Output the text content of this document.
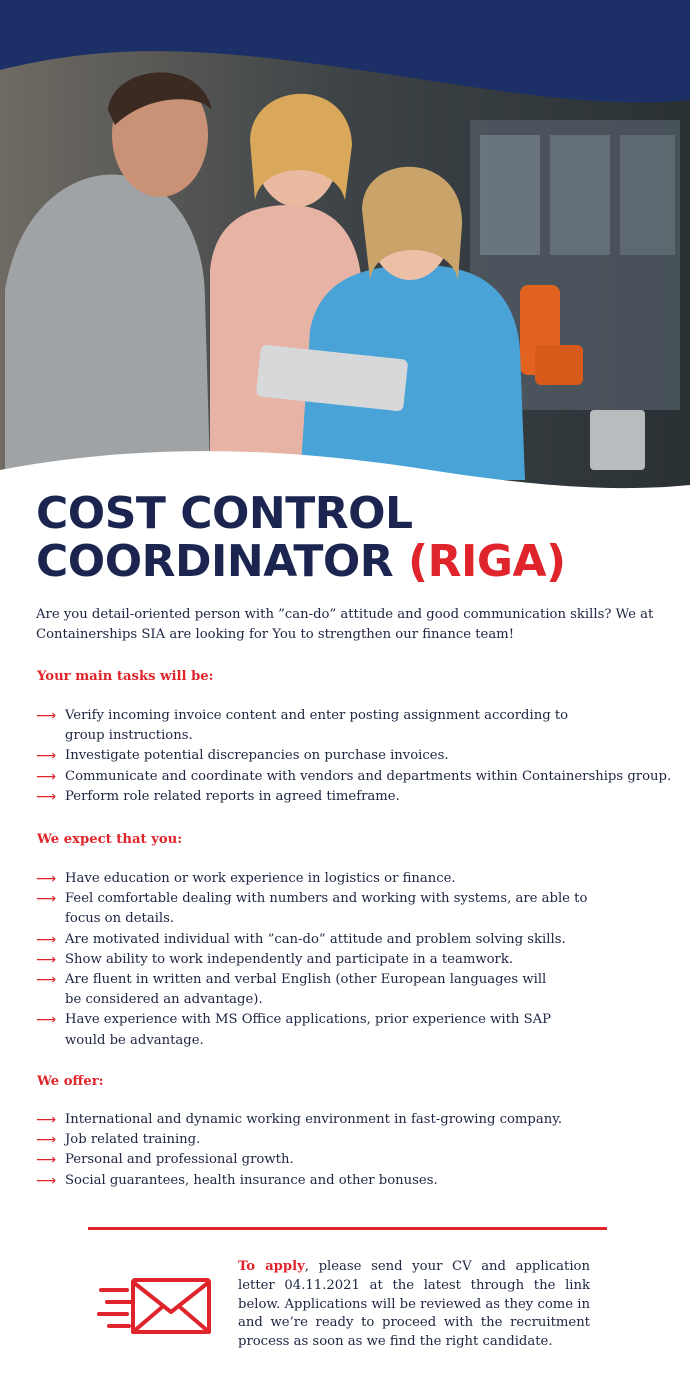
COST CONTROL
COORDINATOR (RIGA)

Are you detail-oriented person with ”can-do” attitude and good communication skills? We at Containerships SIA are looking for You to strengthen our finance team!

Your main tasks will be:

⟶ Verify incoming invoice content and enter posting assignment according to group instructions.
⟶ Investigate potential discrepancies on purchase invoices.
⟶ Communicate and coordinate with vendors and departments within Containerships group.
⟶ Perform role related reports in agreed timeframe.

We expect that you:

⟶ Have education or work experience in logistics or finance.
⟶ Feel comfortable dealing with numbers and working with systems, are able to focus on details.
⟶ Are motivated individual with ”can-do” attitude and problem solving skills.
⟶ Show ability to work independently and participate in a teamwork.
⟶ Are fluent in written and verbal English (other European languages will be considered an advantage).
⟶ Have experience with MS Office applications, prior experience with SAP would be advantage.

We offer:

⟶ International and dynamic working environment in fast-growing company.
⟶ Job related training.
⟶ Personal and professional growth.
⟶ Social guarantees, health insurance and other bonuses.

To apply, please send your CV and application letter 04.11.2021 at the latest through the link below. Applications will be reviewed as they come in and we’re ready to proceed with the recruitment process as soon as we find the right candidate.
